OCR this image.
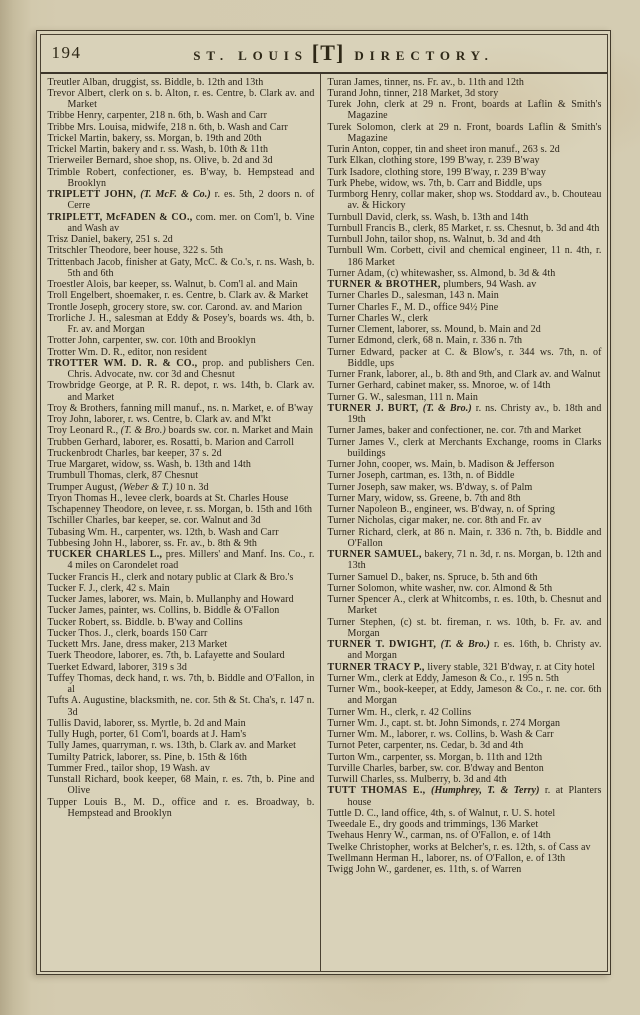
194	ST. LOUIS [T] DIRECTORY.
Treutler Alban, druggist, ss. Biddle, b. 12th and 13th
Trevor Albert, clerk on s. b. Alton, r. es. Centre, b. Clark av. and Market
Tribbe Henry, carpenter, 218 n. 6th, b. Wash and Carr
Tribbe Mrs. Louisa, midwife, 218 n. 6th, b. Wash and Carr
Trickel Martin, bakery, ss. Morgan, b. 19th and 20th
Trickel Martin, bakery and r. ss. Wash, b. 10th & 11th
Trierweiler Bernard, shoe shop, ns. Olive, b. 2d and 3d
Trimble Robert, confectioner, es. B'way, b. Hempstead and Brooklyn
TRIPLETT JOHN, (T. McF. & Co.) r. es. 5th, 2 doors n. of Cerre
TRIPLETT, McFADEN & CO., com. mer. on Com'l, b. Vine and Wash av
Trisz Daniel, bakery, 251 s. 2d
Tritschler Theodore, beer house, 322 s. 5th
Trittenbach Jacob, finisher at Gaty, McC. & Co.'s, r. ns. Wash, b. 5th and 6th
Troestler Alois, bar keeper, ss. Walnut, b. Com'l al. and Main
Troll Engelbert, shoemaker, r. es. Centre, b. Clark av. & Market
Trontle Joseph, grocery store, sw. cor. Carond. av. and Marion
Trorliche J. H., salesman at Eddy & Posey's, boards ws. 4th, b. Fr. av. and Morgan
Trotter John, carpenter, sw. cor. 10th and Brooklyn
Trotter Wm. D. R., editor, non resident
TROTTER WM. D. R. & CO., prop. and publishers Cen. Chris. Advocate, nw. cor 3d and Chesnut
Trowbridge George, at P. R. R. depot, r. ws. 14th, b. Clark av. and Market
Troy & Brothers, fanning mill manuf., ns. n. Market, e. of B'way
Troy John, laborer, r. ws. Centre, b. Clark av. and M'kt
Troy Leonard R., (T. & Bro.) boards sw. cor. n. Market and Main
Trubben Gerhard, laborer, es. Rosatti, b. Marion and Carroll
Truckenbrodt Charles, bar keeper, 37 s. 2d
True Margaret, widow, ss. Wash, b. 13th and 14th
Trumbull Thomas, clerk, 87 Chesnut
Trumper August, (Weber & T.) 10 n. 3d
Tryon Thomas H., levee clerk, boards at St. Charles House
Tschapenney Theodore, on levee, r. ss. Morgan, b. 15th and 16th
Tschiller Charles, bar keeper, se. cor. Walnut and 3d
Tubasing Wm. H., carpenter, ws. 12th, b. Wash and Carr
Tubbesing John H., laborer, ss. Fr. av., b. 8th & 9th
TUCKER CHARLES L., pres. Millers' and Manf. Ins. Co., r. 4 miles on Carondelet road
Tucker Francis H., clerk and notary public at Clark & Bro.'s
Tucker F. J., clerk, 42 s. Main
Tucker James, laborer, ws. Main, b. Mullanphy and Howard
Tucker James, painter, ws. Collins, b. Biddle & O'Fallon
Tucker Robert, ss. Biddle. b. B'way and Collins
Tucker Thos. J., clerk, boards 150 Carr
Tuckett Mrs. Jane, dress maker, 213 Market
Tuerk Theodore, laborer, es. 7th, b. Lafayette and Soulard
Tuerket Edward, laborer, 319 s 3d
Tuffey Thomas, deck hand, r. ws. 7th, b. Biddle and O'Fallon, in al
Tufts A. Augustine, blacksmith, ne. cor. 5th & St. Cha's, r. 147 n. 3d
Tullis David, laborer, ss. Myrtle, b. 2d and Main
Tully Hugh, porter, 61 Com'l, boards at J. Ham's
Tully James, quarryman, r. ws. 13th, b. Clark av. and Market
Tumilty Patrick, laborer, ss. Pine, b. 15th & 16th
Tummer Fred., tailor shop, 19 Wash. av
Tunstall Richard, book keeper, 68 Main, r. es. 7th, b. Pine and Olive
Tupper Louis B., M. D., office and r. es. Broadway, b. Hempstead and Brooklyn
Turan James, tinner, ns. Fr. av., b. 11th and 12th
Turand John, tinner, 218 Market, 3d story
Turek John, clerk at 29 n. Front, boards at Laflin & Smith's Magazine
Turek Solomon, clerk at 29 n. Front, boards Laflin & Smith's Magazine
Turin Anton, copper, tin and sheet iron manuf., 263 s. 2d
Turk Elkan, clothing store, 199 B'way, r. 239 B'way
Turk Isadore, clothing store, 199 B'way, r. 239 B'way
Turk Phebe, widow, ws. 7th, b. Carr and Biddle, ups
Turmborg Henry, collar maker, shop ws. Stoddard av., b. Chouteau av. & Hickory
Turnbull David, clerk, ss. Wash, b. 13th and 14th
Turnbull Francis B., clerk, 85 Market, r. ss. Chesnut, b. 3d and 4th
Turnbull John, tailor shop, ns. Walnut, b. 3d and 4th
Turnbull Wm. Corbett, civil and chemical engineer, 11 n. 4th, r. 186 Market
Turner Adam, (c) whitewasher, ss. Almond, b. 3d & 4th
TURNER & BROTHER, plumbers, 94 Wash. av
Turner Charles D., salesman, 143 n. Main
Turner Charles F., M. D., office 94½ Pine
Turner Charles W., clerk
Turner Clement, laborer, ss. Mound, b. Main and 2d
Turner Edmond, clerk, 68 n. Main, r. 336 n. 7th
Turner Edward, packer at C. & Blow's, r. 344 ws. 7th, n. of Biddle, ups
Turner Frank, laborer, al., b. 8th and 9th, and Clark av. and Walnut
Turner Gerhard, cabinet maker, ss. Mnoroe, w. of 14th
Turner G. W., salesman, 111 n. Main
TURNER J. BURT, (T. & Bro.) r. ns. Christy av., b. 18th and 19th
Turner James, baker and confectioner, ne. cor. 7th and Market
Turner James V., clerk at Merchants Exchange, rooms in Clarks buildings
Turner John, cooper, ws. Main, b. Madison & Jefferson
Turner Joseph, cartman, es. 13th, n. of Biddle
Turner Joseph, saw maker, ws. B'dway, s. of Palm
Turner Mary, widow, ss. Greene, b. 7th and 8th
Turner Napoleon B., engineer, ws. B'dway, n. of Spring
Turner Nicholas, cigar maker, ne. cor. 8th and Fr. av
Turner Richard, clerk, at 86 n. Main, r. 336 n. 7th, b. Biddle and O'Fallon
TURNER SAMUEL, bakery, 71 n. 3d, r. ns. Morgan, b. 12th and 13th
Turner Samuel D., baker, ns. Spruce, b. 5th and 6th
Turner Solomon, white washer, nw. cor. Almond & 5th
Turner Spencer A., clerk at Whitcombs, r. es. 10th, b. Chesnut and Market
Turner Stephen, (c) st. bt. fireman, r. ws. 10th, b. Fr. av. and Morgan
TURNER T. DWIGHT, (T. & Bro.) r. es. 16th, b. Christy av. and Morgan
TURNER TRACY P., livery stable, 321 B'dway, r. at City hotel
Turner Wm., clerk at Eddy, Jameson & Co., r. 195 n. 5th
Turner Wm., book-keeper, at Eddy, Jameson & Co., r. ne. cor. 6th and Morgan
Turner Wm. H., clerk, r. 42 Collins
Turner Wm. J., capt. st. bt. John Simonds, r. 274 Morgan
Turner Wm. M., laborer, r. ws. Collins, b. Wash & Carr
Turnot Peter, carpenter, ns. Cedar, b. 3d and 4th
Turton Wm., carpenter, ss. Morgan, b. 11th and 12th
Turville Charles, barber, sw. cor. B'dway and Benton
Turwill Charles, ss. Mulberry, b. 3d and 4th
TUTT THOMAS E., (Humphrey, T. & Terry) r. at Planters house
Tuttle D. C., land office, 4th, s. of Walnut, r. U. S. hotel
Tweedale E., dry goods and trimmings, 136 Market
Twehaus Henry W., carman, ns. of O'Fallon, e. of 14th
Twelke Christopher, works at Belcher's, r. es. 12th, s. of Cass av
Twellmann Herman H., laborer, ns. of O'Fallon, e. of 13th
Twigg John W., gardener, es. 11th, s. of Warren
